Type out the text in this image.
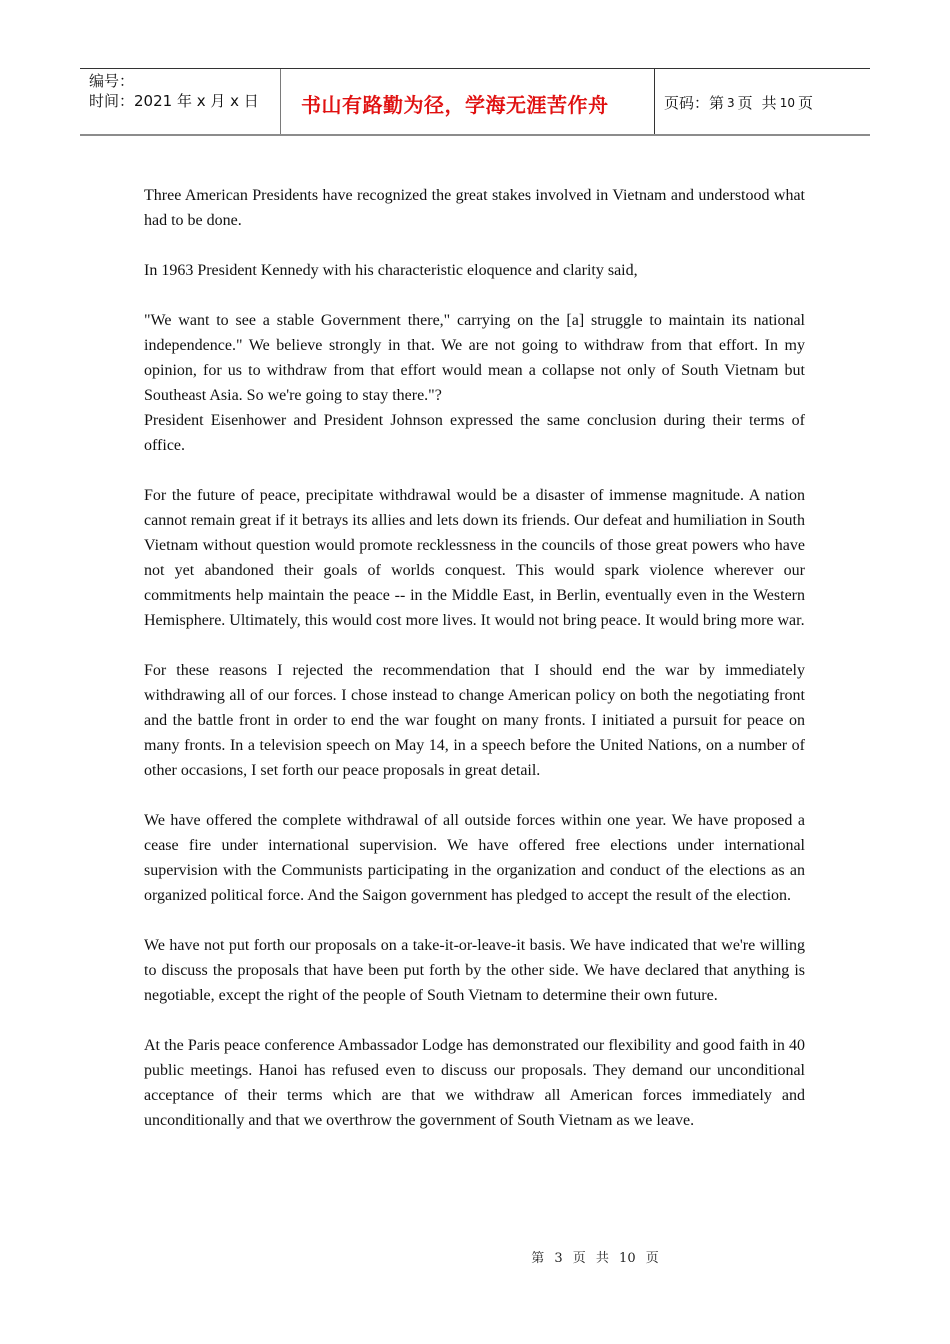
编号：
时间：2021 年 x 月 x 日	书山有路勤为径，学海无涯苦作舟	页码：第 3 页 共 10 页

Three American Presidents have recognized the great stakes involved in Vietnam and understood what had to be done.

In 1963 President Kennedy with his characteristic eloquence and clarity said,

"We want to see a stable Government there," carrying on the [a] struggle to maintain its national independence." We believe strongly in that. We are not going to withdraw from that effort. In my opinion, for us to withdraw from that effort would mean a collapse not only of South Vietnam but Southeast Asia. So we're going to stay there."?

President Eisenhower and President Johnson expressed the same conclusion during their terms of office.

For the future of peace, precipitate withdrawal would be a disaster of immense magnitude. A nation cannot remain great if it betrays its allies and lets down its friends. Our defeat and humiliation in South Vietnam without question would promote recklessness in the councils of those great powers who have not yet abandoned their goals of worlds conquest. This would spark violence wherever our commitments help maintain the peace -- in the Middle East, in Berlin, eventually even in the Western Hemisphere. Ultimately, this would cost more lives. It would not bring peace. It would bring more war.

For these reasons I rejected the recommendation that I should end the war by immediately withdrawing all of our forces. I chose instead to change American policy on both the negotiating front and the battle front in order to end the war fought on many fronts. I initiated a pursuit for peace on many fronts. In a television speech on May 14, in a speech before the United Nations, on a number of other occasions, I set forth our peace proposals in great detail.

We have offered the complete withdrawal of all outside forces within one year. We have proposed a cease fire under international supervision. We have offered free elections under international supervision with the Communists participating in the organization and conduct of the elections as an organized political force. And the Saigon government has pledged to accept the result of the election.

We have not put forth our proposals on a take-it-or-leave-it basis. We have indicated that we're willing to discuss the proposals that have been put forth by the other side. We have declared that anything is negotiable, except the right of the people of South Vietnam to determine their own future.

At the Paris peace conference Ambassador Lodge has demonstrated our flexibility and good faith in 40 public meetings. Hanoi has refused even to discuss our proposals. They demand our unconditional acceptance of their terms which are that we withdraw all American forces immediately and unconditionally and that we overthrow the government of South Vietnam as we leave.

第 3 页 共 10 页
